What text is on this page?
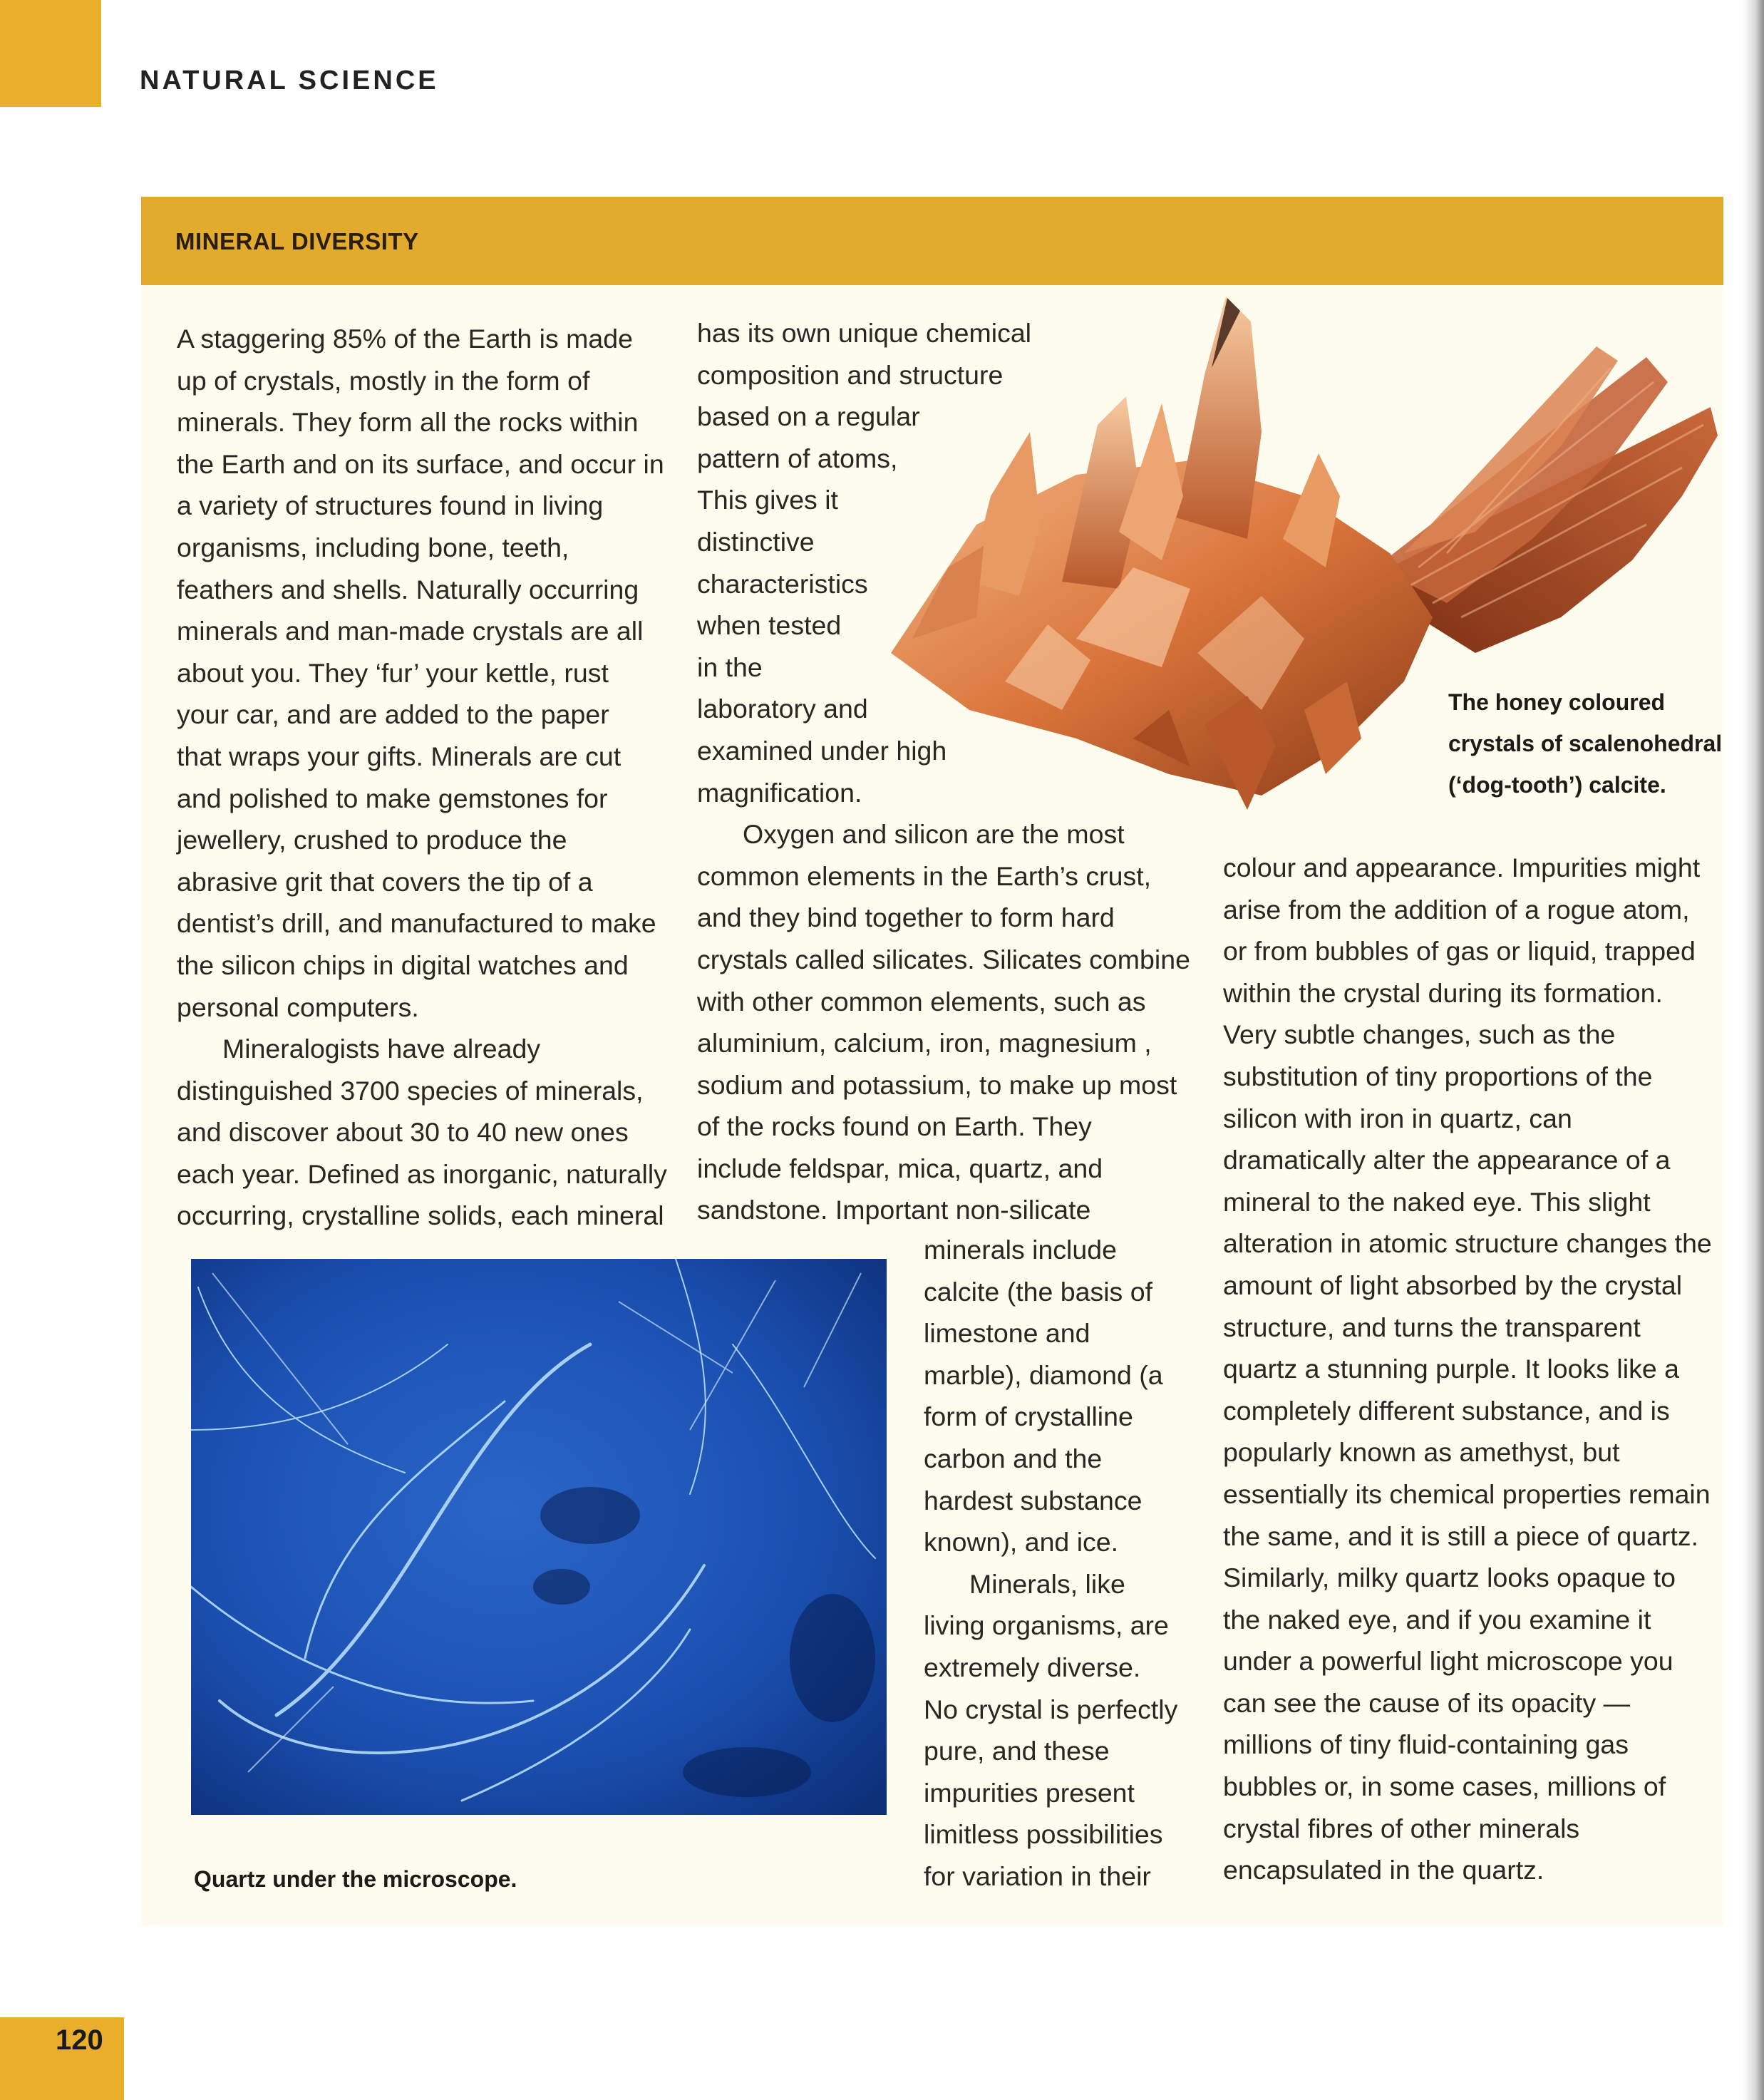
NATURAL SCIENCE
MINERAL DIVERSITY
A staggering 85% of the Earth is made
up of crystals, mostly in the form of
minerals. They form all the rocks within
the Earth and on its surface, and occur in
a variety of structures found in living
organisms, including bone, teeth,
feathers and shells. Naturally occurring
minerals and man-made crystals are all
about you. They ‘fur’ your kettle, rust
your car, and are added to the paper
that wraps your gifts. Minerals are cut
and polished to make gemstones for
jewellery, crushed to produce the
abrasive grit that covers the tip of a
dentist’s drill, and manufactured to make
the silicon chips in digital watches and
personal computers.
Mineralogists have already
distinguished 3700 species of minerals,
and discover about 30 to 40 new ones
each year. Defined as inorganic, naturally
occurring, crystalline solids, each mineral
has its own unique chemical
composition and structure
based on a regular
pattern of atoms,
This gives it
distinctive
characteristics
when tested
in the
laboratory and
examined under high
magnification.
Oxygen and silicon are the most
common elements in the Earth’s crust,
and they bind together to form hard
crystals called silicates. Silicates combine
with other common elements, such as
aluminium, calcium, iron, magnesium ,
sodium and potassium, to make up most
of the rocks found on Earth. They
include feldspar, mica, quartz, and
sandstone. Important non-silicate
minerals include
calcite (the basis of
limestone and
marble), diamond (a
form of crystalline
carbon and the
hardest substance
known), and ice.
Minerals, like
living organisms, are
extremely diverse.
No crystal is perfectly
pure, and these
impurities present
limitless possibilities
for variation in their
colour and appearance. Impurities might
arise from the addition of a rogue atom,
or from bubbles of gas or liquid, trapped
within the crystal during its formation.
Very subtle changes, such as the
substitution of tiny proportions of the
silicon with iron in quartz, can
dramatically alter the appearance of a
mineral to the naked eye. This slight
alteration in atomic structure changes the
amount of light absorbed by the crystal
structure, and turns the transparent
quartz a stunning purple. It looks like a
completely different substance, and is
popularly known as amethyst, but
essentially its chemical properties remain
the same, and it is still a piece of quartz.
Similarly, milky quartz looks opaque to
the naked eye, and if you examine it
under a powerful light microscope you
can see the cause of its opacity —
millions of tiny fluid-containing gas
bubbles or, in some cases, millions of
crystal fibres of other minerals
encapsulated in the quartz.
The honey coloured
crystals of scalenohedral
(‘dog-tooth’) calcite.
Quartz under the microscope.
120
